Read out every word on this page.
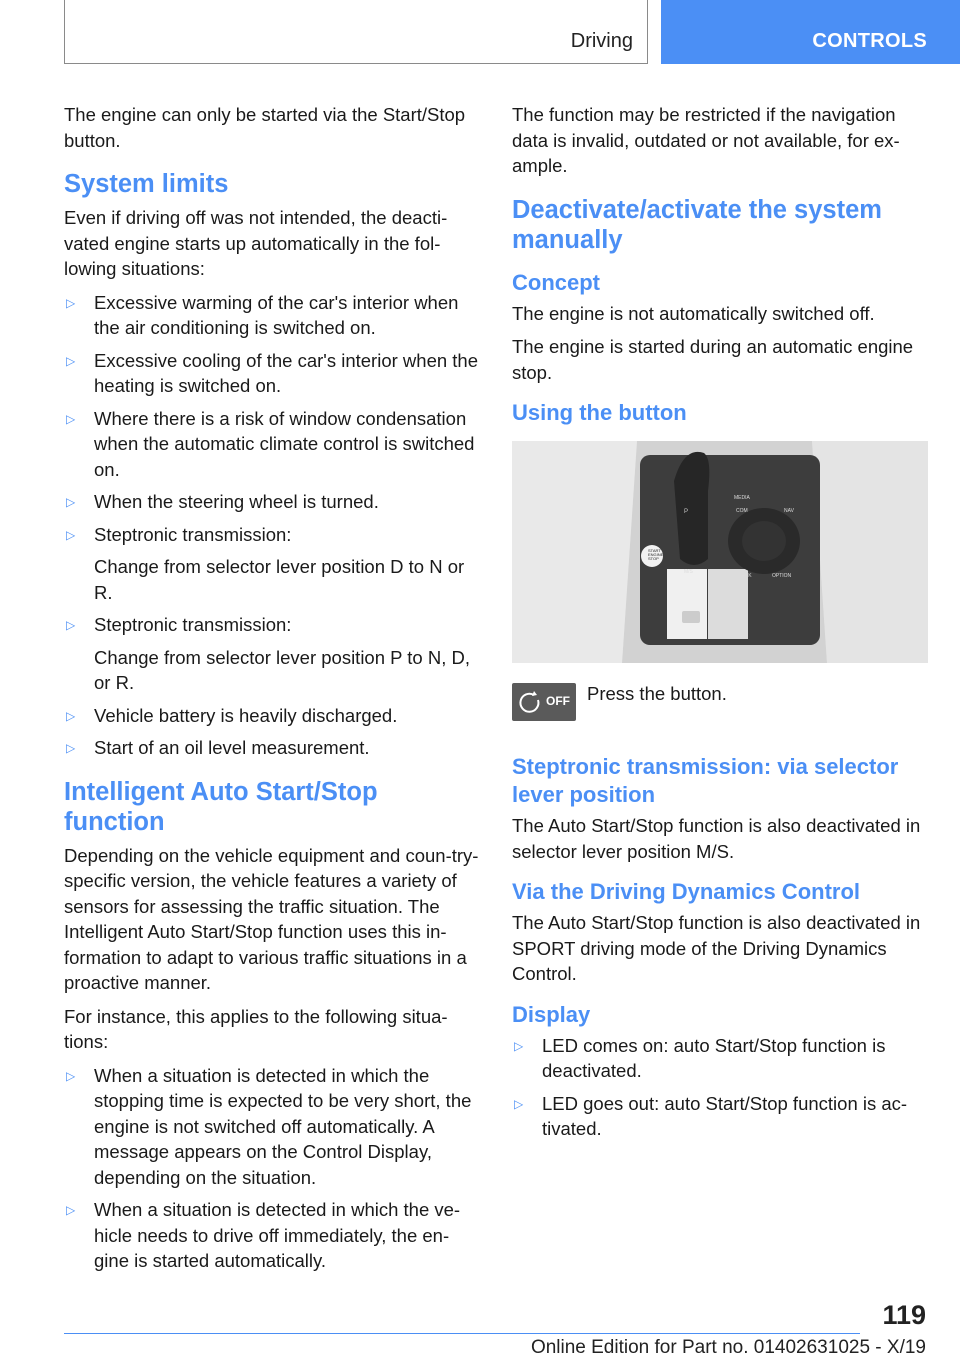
Driving	CONTROLS

The engine can only be started via the Start/Stop button.

System limits

Even if driving off was not intended, the deacti-vated engine starts up automatically in the fol-lowing situations:

▷ Excessive warming of the car's interior when the air conditioning is switched on.
▷ Excessive cooling of the car's interior when the heating is switched on.
▷ Where there is a risk of window condensation when the automatic climate control is switched on.
▷ When the steering wheel is turned.
▷ Steptronic transmission:
Change from selector lever position D to N or R.
▷ Steptronic transmission:
Change from selector lever position P to N, D, or R.
▷ Vehicle battery is heavily discharged.
▷ Start of an oil level measurement.
Intelligent Auto Start/Stop function

Depending on the vehicle equipment and coun-try-specific version, the vehicle features a variety of sensors for assessing the traffic situation. The Intelligent Auto Start/Stop function uses this in-formation to adapt to various traffic situations in a proactive manner.

For instance, this applies to the following situa-tions:

▷ When a situation is detected in which the stopping time is expected to be very short, the engine is not switched off automatically. A message appears on the Control Display, depending on the situation.
▷ When a situation is detected in which the ve-hicle needs to drive off immediately, the en-gine is started automatically.

The function may be restricted if the navigation data is invalid, outdated or not available, for ex-ample.

Deactivate/activate the system manually
Concept

The engine is not automatically switched off.

The engine is started during an automatic engine stop.

Using the button
START ENGINE STOP
MEDIA
COM	NAV
BACK	OPTION
P
M/S
OFF Press the button.

Steptronic transmission: via selector lever position

The Auto Start/Stop function is also deactivated in selector lever position M/S.

Via the Driving Dynamics Control

The Auto Start/Stop function is also deactivated in SPORT driving mode of the Driving Dynamics Control.

Display
▷ LED comes on: auto Start/Stop function is deactivated.
▷ LED goes out: auto Start/Stop function is ac-tivated.
119
Online Edition for Part no. 01402631025 - X/19
